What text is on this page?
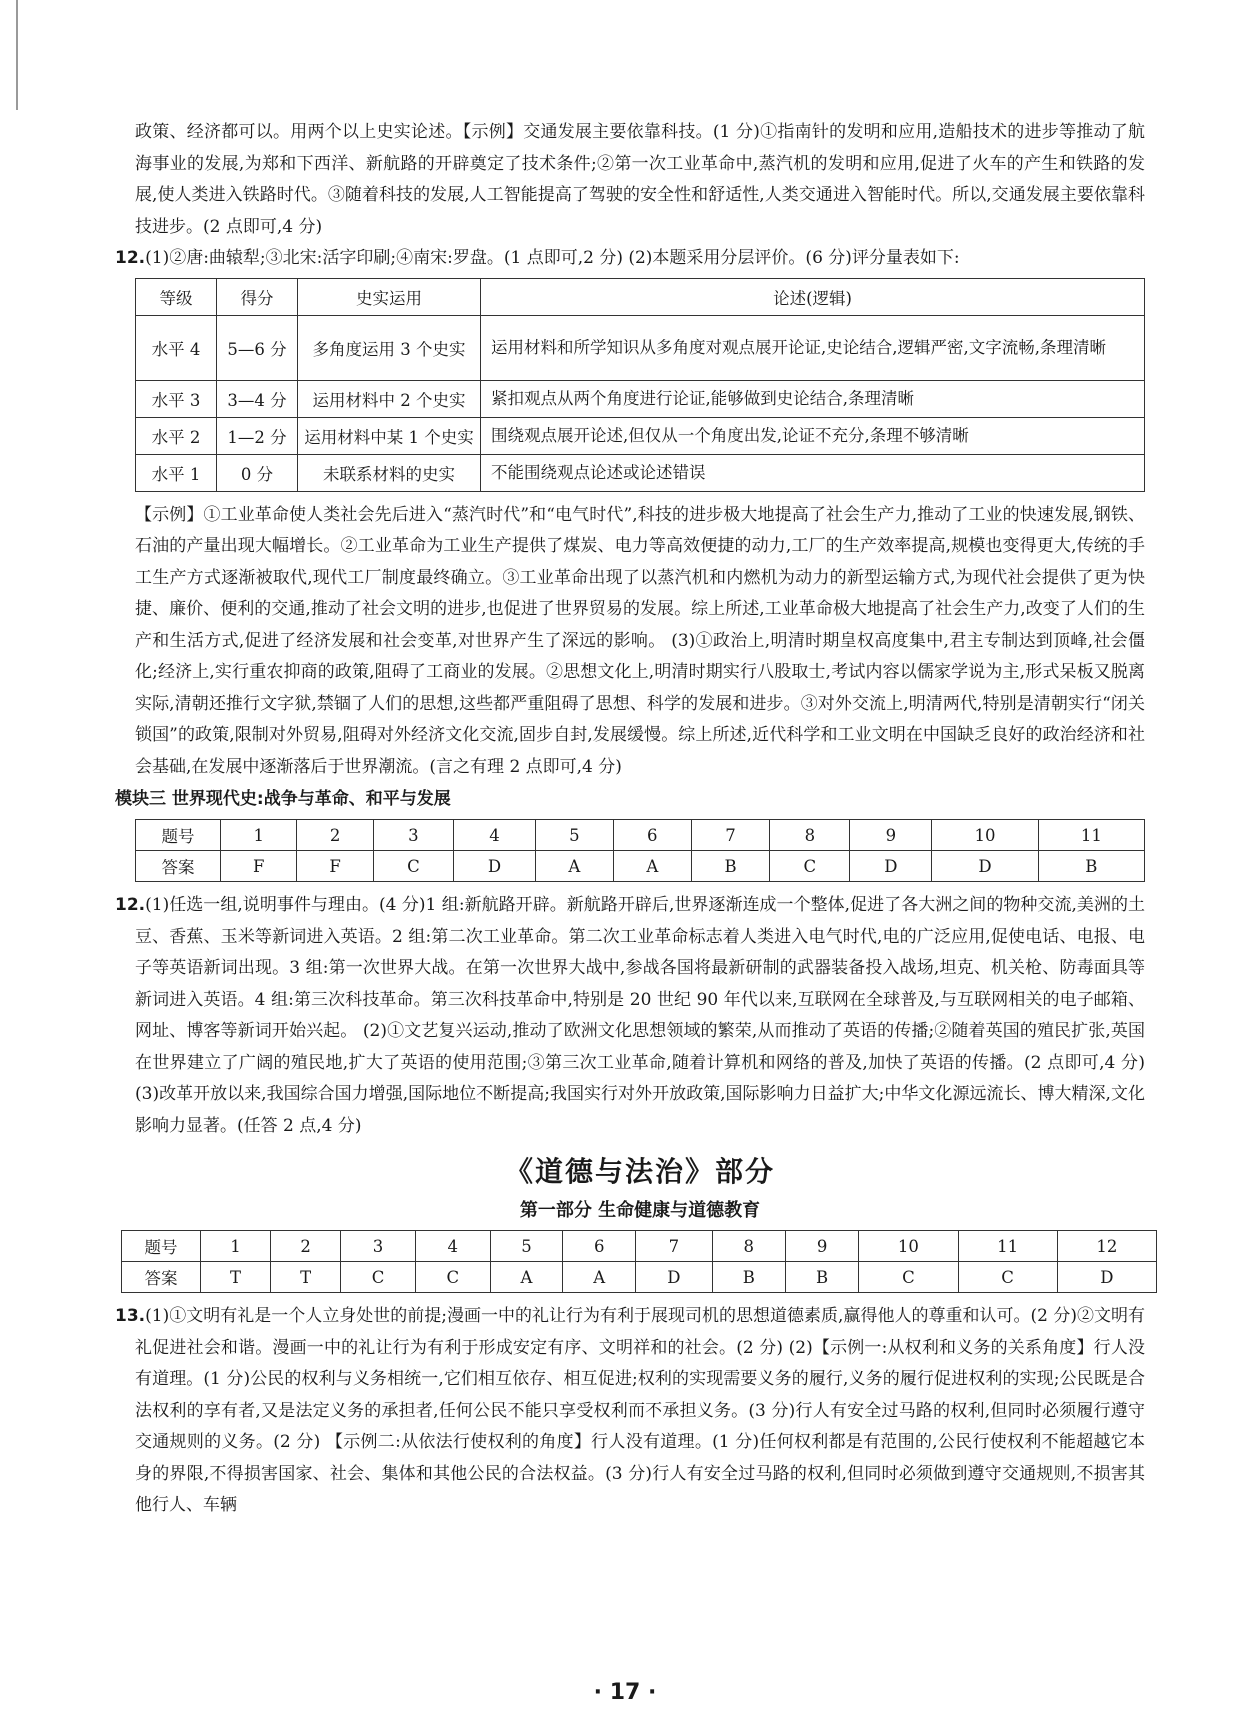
政策、经济都可以。用两个以上史实论述。【示例】交通发展主要依靠科技。(1 分)①指南针的发明和应用,造船技术的进步等推动了航海事业的发展,为郑和下西洋、新航路的开辟奠定了技术条件;②第一次工业革命中,蒸汽机的发明和应用,促进了火车的产生和铁路的发展,使人类进入铁路时代。③随着科技的发展,人工智能提高了驾驶的安全性和舒适性,人类交通进入智能时代。所以,交通发展主要依靠科技进步。(2 点即可,4 分)

12.(1)②唐:曲辕犁;③北宋:活字印刷;④南宋:罗盘。(1 点即可,2 分) (2)本题采用分层评价。(6 分)评分量表如下:

等级	得分	史实运用	论述(逻辑)
水平 4	5—6 分	多角度运用 3 个史实	运用材料和所学知识从多角度对观点展开论证,史论结合,逻辑严密,文字流畅,条理清晰
水平 3	3—4 分	运用材料中 2 个史实	紧扣观点从两个角度进行论证,能够做到史论结合,条理清晰
水平 2	1—2 分	运用材料中某 1 个史实	围绕观点展开论述,但仅从一个角度出发,论证不充分,条理不够清晰
水平 1	0 分	未联系材料的史实	不能围绕观点论述或论述错误

【示例】①工业革命使人类社会先后进入“蒸汽时代”和“电气时代”,科技的进步极大地提高了社会生产力,推动了工业的快速发展,钢铁、石油的产量出现大幅增长。②工业革命为工业生产提供了煤炭、电力等高效便捷的动力,工厂的生产效率提高,规模也变得更大,传统的手工生产方式逐渐被取代,现代工厂制度最终确立。③工业革命出现了以蒸汽机和内燃机为动力的新型运输方式,为现代社会提供了更为快捷、廉价、便利的交通,推动了社会文明的进步,也促进了世界贸易的发展。综上所述,工业革命极大地提高了社会生产力,改变了人们的生产和生活方式,促进了经济发展和社会变革,对世界产生了深远的影响。 (3)①政治上,明清时期皇权高度集中,君主专制达到顶峰,社会僵化;经济上,实行重农抑商的政策,阻碍了工商业的发展。②思想文化上,明清时期实行八股取士,考试内容以儒家学说为主,形式呆板又脱离实际,清朝还推行文字狱,禁锢了人们的思想,这些都严重阻碍了思想、科学的发展和进步。③对外交流上,明清两代,特别是清朝实行“闭关锁国”的政策,限制对外贸易,阻碍对外经济文化交流,固步自封,发展缓慢。综上所述,近代科学和工业文明在中国缺乏良好的政治经济和社会基础,在发展中逐渐落后于世界潮流。(言之有理 2 点即可,4 分)

模块三 世界现代史:战争与革命、和平与发展
题号	1	2	3	4	5	6	7	8	9	10	11
答案	F	F	C	D	A	A	B	C	D	D	B

12.(1)任选一组,说明事件与理由。(4 分)1 组:新航路开辟。新航路开辟后,世界逐渐连成一个整体,促进了各大洲之间的物种交流,美洲的土豆、香蕉、玉米等新词进入英语。2 组:第二次工业革命。第二次工业革命标志着人类进入电气时代,电的广泛应用,促使电话、电报、电子等英语新词出现。3 组:第一次世界大战。在第一次世界大战中,参战各国将最新研制的武器装备投入战场,坦克、机关枪、防毒面具等新词进入英语。4 组:第三次科技革命。第三次科技革命中,特别是 20 世纪 90 年代以来,互联网在全球普及,与互联网相关的电子邮箱、网址、博客等新词开始兴起。 (2)①文艺复兴运动,推动了欧洲文化思想领域的繁荣,从而推动了英语的传播;②随着英国的殖民扩张,英国在世界建立了广阔的殖民地,扩大了英语的使用范围;③第三次工业革命,随着计算机和网络的普及,加快了英语的传播。(2 点即可,4 分) (3)改革开放以来,我国综合国力增强,国际地位不断提高;我国实行对外开放政策,国际影响力日益扩大;中华文化源远流长、博大精深,文化影响力显著。(任答 2 点,4 分)

《道德与法治》部分
第一部分 生命健康与道德教育
题号	1	2	3	4	5	6	7	8	9	10	11	12
答案	T	T	C	C	A	A	D	B	B	C	C	D

13.(1)①文明有礼是一个人立身处世的前提;漫画一中的礼让行为有利于展现司机的思想道德素质,赢得他人的尊重和认可。(2 分)②文明有礼促进社会和谐。漫画一中的礼让行为有利于形成安定有序、文明祥和的社会。(2 分) (2)【示例一:从权利和义务的关系角度】行人没有道理。(1 分)公民的权利与义务相统一,它们相互依存、相互促进;权利的实现需要义务的履行,义务的履行促进权利的实现;公民既是合法权利的享有者,又是法定义务的承担者,任何公民不能只享受权利而不承担义务。(3 分)行人有安全过马路的权利,但同时必须履行遵守交通规则的义务。(2 分) 【示例二:从依法行使权利的角度】行人没有道理。(1 分)任何权利都是有范围的,公民行使权利不能超越它本身的界限,不得损害国家、社会、集体和其他公民的合法权益。(3 分)行人有安全过马路的权利,但同时必须做到遵守交通规则,不损害其他行人、车辆

· 17 ·
